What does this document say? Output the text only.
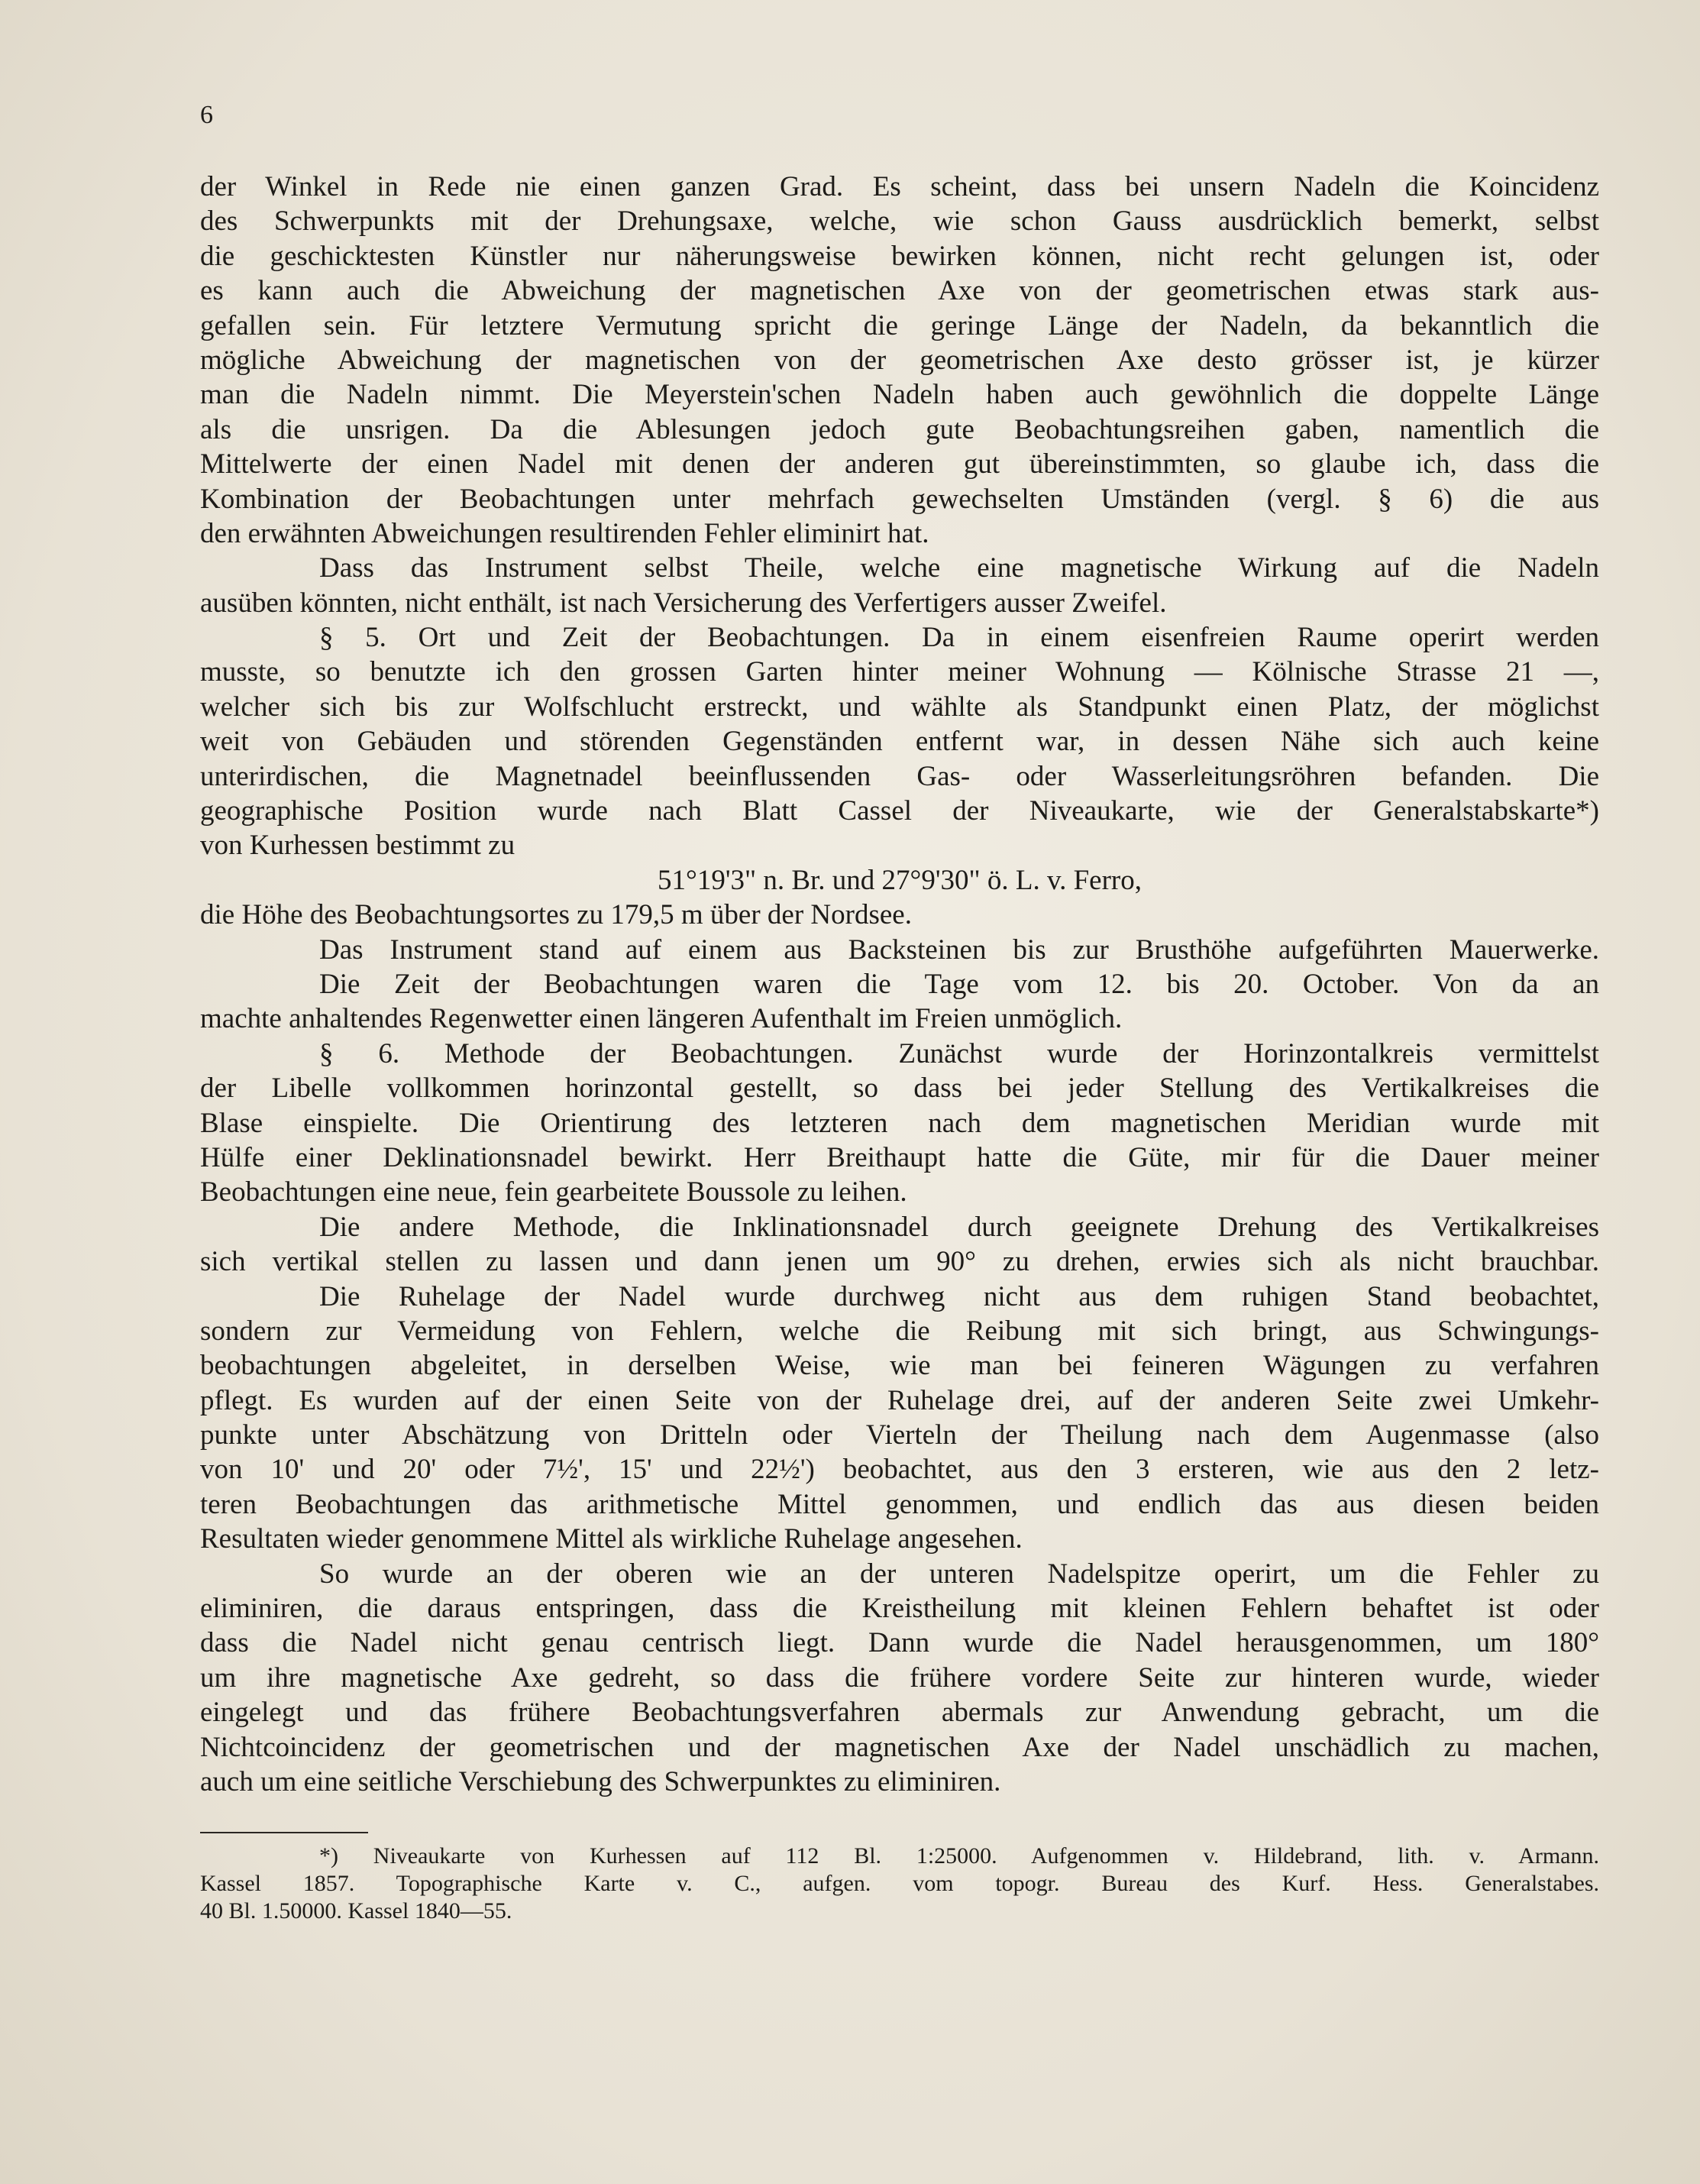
6
der Winkel in Rede nie einen ganzen Grad. Es scheint, dass bei unsern Nadeln die Koincidenz
des Schwerpunkts mit der Drehungsaxe, welche, wie schon Gauss ausdrücklich bemerkt, selbst
die geschicktesten Künstler nur näherungsweise bewirken können, nicht recht gelungen ist, oder
es kann auch die Abweichung der magnetischen Axe von der geometrischen etwas stark aus-
gefallen sein. Für letztere Vermutung spricht die geringe Länge der Nadeln, da bekanntlich die
mögliche Abweichung der magnetischen von der geometrischen Axe desto grösser ist, je kürzer
man die Nadeln nimmt. Die Meyerstein'schen Nadeln haben auch gewöhnlich die doppelte Länge
als die unsrigen. Da die Ablesungen jedoch gute Beobachtungsreihen gaben, namentlich die
Mittelwerte der einen Nadel mit denen der anderen gut übereinstimmten, so glaube ich, dass die
Kombination der Beobachtungen unter mehrfach gewechselten Umständen (vergl. § 6) die aus
den erwähnten Abweichungen resultirenden Fehler eliminirt hat.
Dass das Instrument selbst Theile, welche eine magnetische Wirkung auf die Nadeln
ausüben könnten, nicht enthält, ist nach Versicherung des Verfertigers ausser Zweifel.
§ 5. Ort und Zeit der Beobachtungen. Da in einem eisenfreien Raume operirt werden
musste, so benutzte ich den grossen Garten hinter meiner Wohnung — Kölnische Strasse 21 —,
welcher sich bis zur Wolfschlucht erstreckt, und wählte als Standpunkt einen Platz, der möglichst
weit von Gebäuden und störenden Gegenständen entfernt war, in dessen Nähe sich auch keine
unterirdischen, die Magnetnadel beeinflussenden Gas- oder Wasserleitungsröhren befanden. Die
geographische Position wurde nach Blatt Cassel der Niveaukarte, wie der Generalstabskarte*)
von Kurhessen bestimmt zu
51°19'3" n. Br. und 27°9'30" ö. L. v. Ferro,
die Höhe des Beobachtungsortes zu 179,5 m über der Nordsee.
Das Instrument stand auf einem aus Backsteinen bis zur Brusthöhe aufgeführten Mauerwerke.
Die Zeit der Beobachtungen waren die Tage vom 12. bis 20. October. Von da an
machte anhaltendes Regenwetter einen längeren Aufenthalt im Freien unmöglich.
§ 6. Methode der Beobachtungen. Zunächst wurde der Horinzontalkreis vermittelst
der Libelle vollkommen horinzontal gestellt, so dass bei jeder Stellung des Vertikalkreises die
Blase einspielte. Die Orientirung des letzteren nach dem magnetischen Meridian wurde mit
Hülfe einer Deklinationsnadel bewirkt. Herr Breithaupt hatte die Güte, mir für die Dauer meiner
Beobachtungen eine neue, fein gearbeitete Boussole zu leihen.
Die andere Methode, die Inklinationsnadel durch geeignete Drehung des Vertikalkreises
sich vertikal stellen zu lassen und dann jenen um 90° zu drehen, erwies sich als nicht brauchbar.
Die Ruhelage der Nadel wurde durchweg nicht aus dem ruhigen Stand beobachtet,
sondern zur Vermeidung von Fehlern, welche die Reibung mit sich bringt, aus Schwingungs-
beobachtungen abgeleitet, in derselben Weise, wie man bei feineren Wägungen zu verfahren
pflegt. Es wurden auf der einen Seite von der Ruhelage drei, auf der anderen Seite zwei Umkehr-
punkte unter Abschätzung von Dritteln oder Vierteln der Theilung nach dem Augenmasse (also
von 10' und 20' oder 7½', 15' und 22½') beobachtet, aus den 3 ersteren, wie aus den 2 letz-
teren Beobachtungen das arithmetische Mittel genommen, und endlich das aus diesen beiden
Resultaten wieder genommene Mittel als wirkliche Ruhelage angesehen.
So wurde an der oberen wie an der unteren Nadelspitze operirt, um die Fehler zu
eliminiren, die daraus entspringen, dass die Kreistheilung mit kleinen Fehlern behaftet ist oder
dass die Nadel nicht genau centrisch liegt. Dann wurde die Nadel herausgenommen, um 180°
um ihre magnetische Axe gedreht, so dass die frühere vordere Seite zur hinteren wurde, wieder
eingelegt und das frühere Beobachtungsverfahren abermals zur Anwendung gebracht, um die
Nichtcoincidenz der geometrischen und der magnetischen Axe der Nadel unschädlich zu machen,
auch um eine seitliche Verschiebung des Schwerpunktes zu eliminiren.
*) Niveaukarte von Kurhessen auf 112 Bl. 1:25000. Aufgenommen v. Hildebrand, lith. v. Armann.
Kassel 1857. Topographische Karte v. C., aufgen. vom topogr. Bureau des Kurf. Hess. Generalstabes.
40 Bl. 1.50000. Kassel 1840—55.
